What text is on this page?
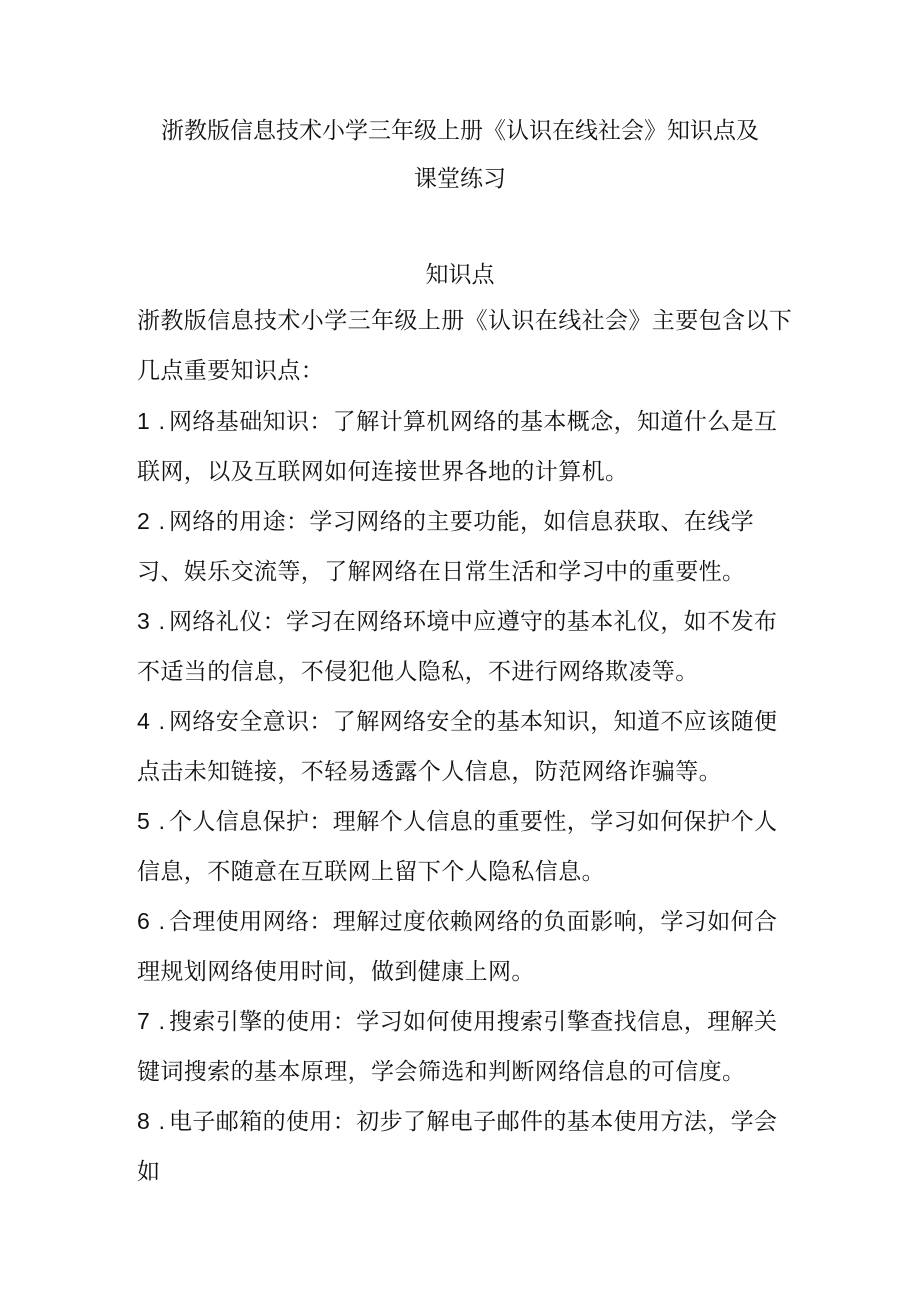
浙教版信息技术小学三年级上册《认识在线社会》知识点及
课堂练习
知识点

浙教版信息技术小学三年级上册《认识在线社会》主要包含以下几点重要知识点：

1 . 网络基础知识：了解计算机网络的基本概念，知道什么是互联网，以及互联网如何连接世界各地的计算机。

2 . 网络的用途：学习网络的主要功能，如信息获取、在线学习、娱乐交流等，了解网络在日常生活和学习中的重要性。

3 . 网络礼仪：学习在网络环境中应遵守的基本礼仪，如不发布不适当的信息，不侵犯他人隐私，不进行网络欺凌等。

4 . 网络安全意识：了解网络安全的基本知识，知道不应该随便点击未知链接，不轻易透露个人信息，防范网络诈骗等。

5 . 个人信息保护：理解个人信息的重要性，学习如何保护个人信息，不随意在互联网上留下个人隐私信息。

6 . 合理使用网络：理解过度依赖网络的负面影响，学习如何合理规划网络使用时间，做到健康上网。

7 . 搜索引擎的使用：学习如何使用搜索引擎查找信息，理解关键词搜索的基本原理，学会筛选和判断网络信息的可信度。

8 . 电子邮箱的使用：初步了解电子邮件的基本使用方法，学会如
